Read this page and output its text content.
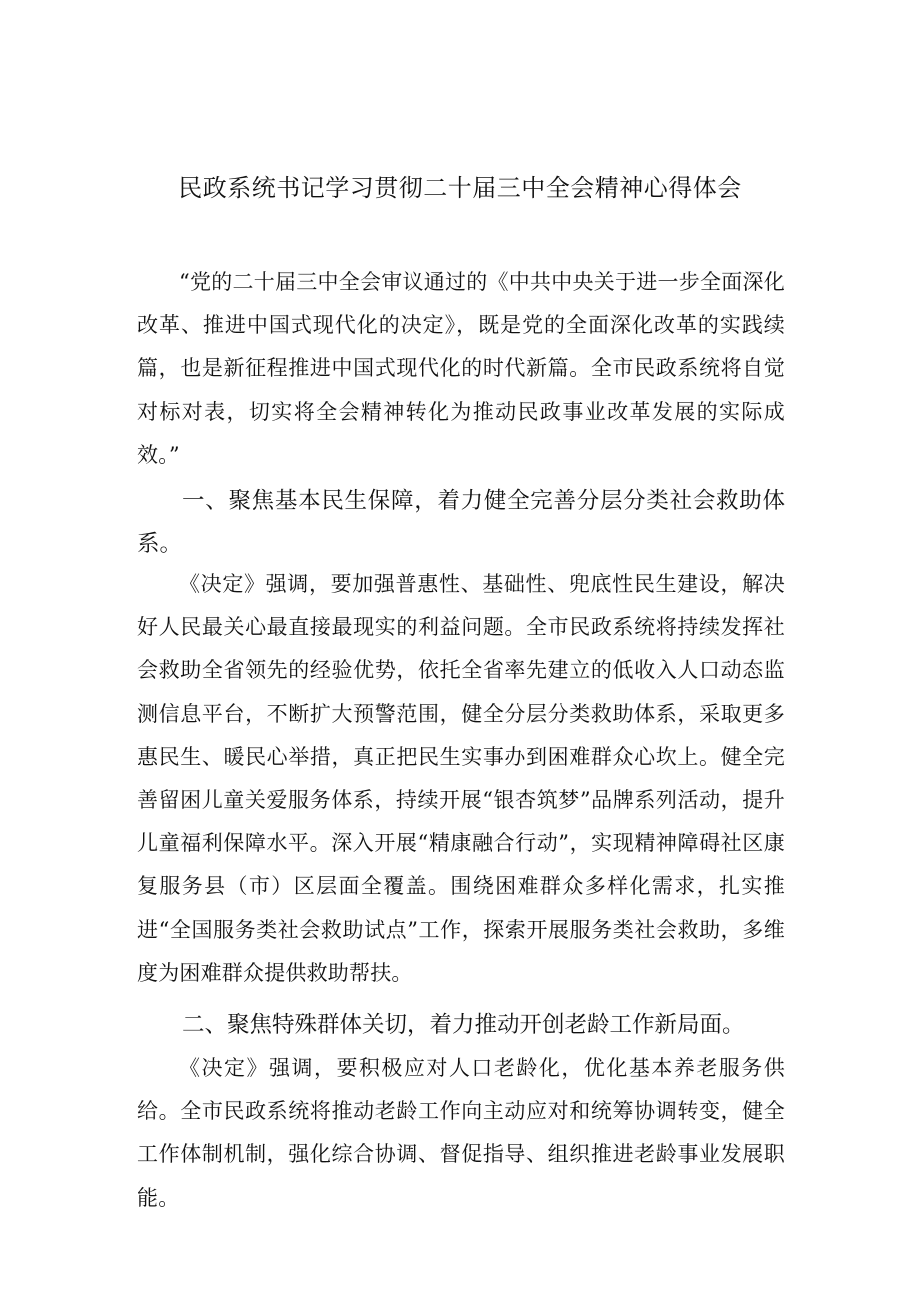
民政系统书记学习贯彻二十届三中全会精神心得体会

“党的二十届三中全会审议通过的《中共中央关于进一步全面深化改革、推进中国式现代化的决定》，既是党的全面深化改革的实践续篇，也是新征程推进中国式现代化的时代新篇。全市民政系统将自觉对标对表，切实将全会精神转化为推动民政事业改革发展的实际成效。”

一、聚焦基本民生保障，着力健全完善分层分类社会救助体系。

《决定》强调，要加强普惠性、基础性、兜底性民生建设，解决好人民最关心最直接最现实的利益问题。全市民政系统将持续发挥社会救助全省领先的经验优势，依托全省率先建立的低收入人口动态监测信息平台，不断扩大预警范围，健全分层分类救助体系，采取更多惠民生、暖民心举措，真正把民生实事办到困难群众心坎上。健全完善留困儿童关爱服务体系，持续开展“银杏筑梦”品牌系列活动，提升儿童福利保障水平。深入开展“精康融合行动”，实现精神障碍社区康复服务县（市）区层面全覆盖。围绕困难群众多样化需求，扎实推进“全国服务类社会救助试点”工作，探索开展服务类社会救助，多维度为困难群众提供救助帮扶。

二、聚焦特殊群体关切，着力推动开创老龄工作新局面。

《决定》强调，要积极应对人口老龄化，优化基本养老服务供给。全市民政系统将推动老龄工作向主动应对和统筹协调转变，健全工作体制机制，强化综合协调、督促指导、组织推进老龄事业发展职能。
